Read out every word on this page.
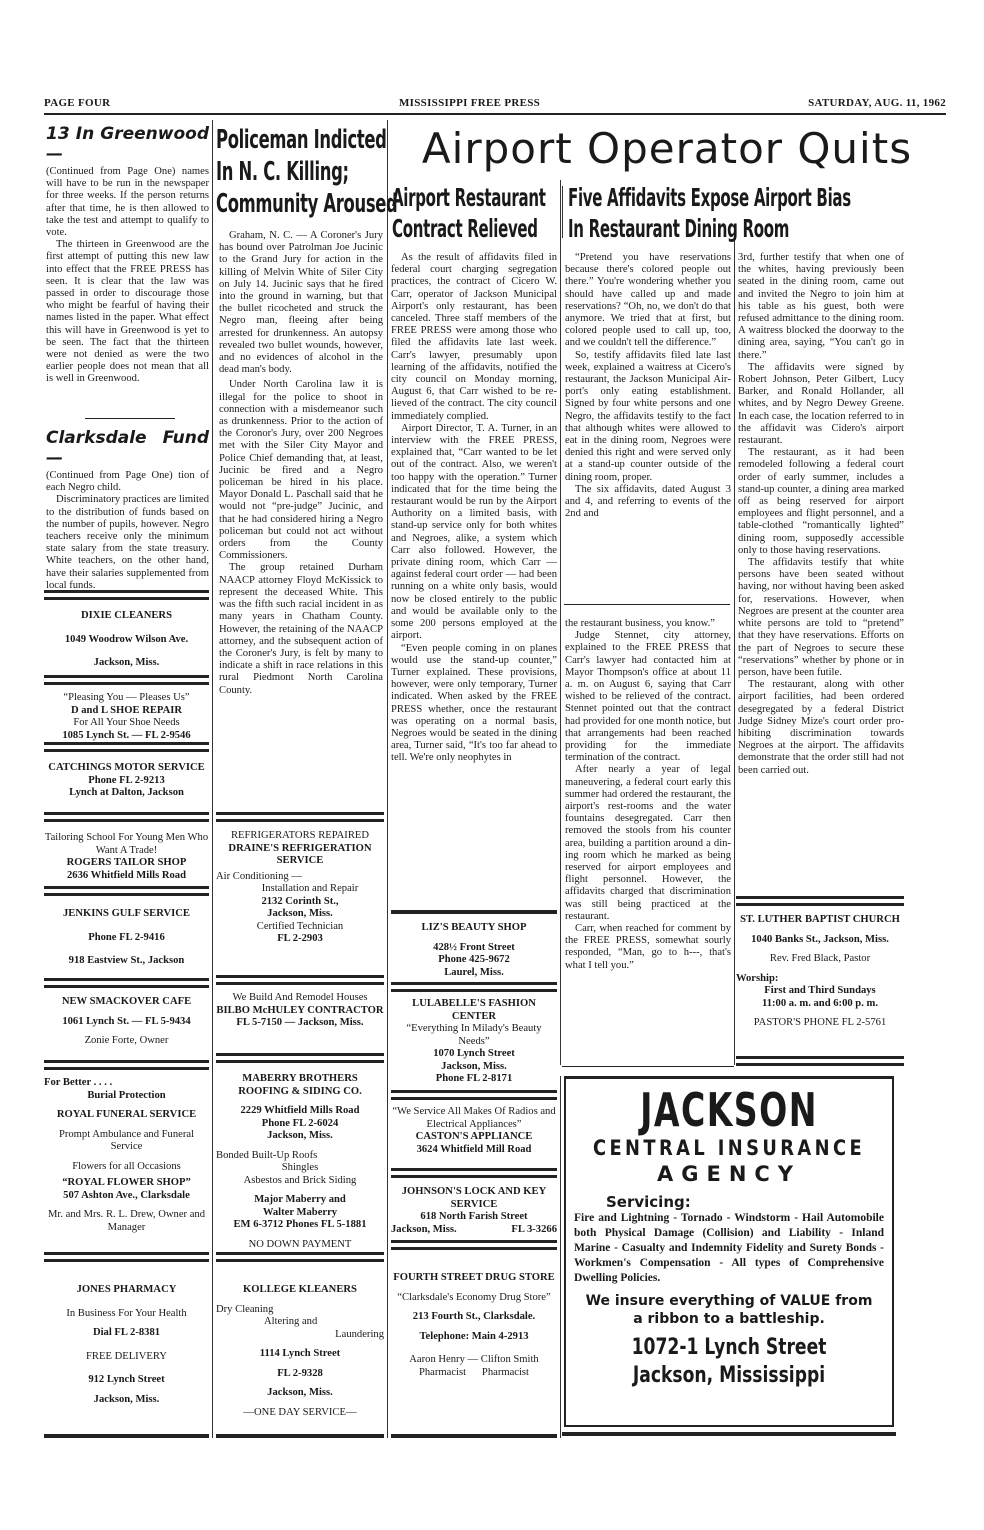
PAGE FOUR	MISSISSIPPI FREE PRESS	SATURDAY, AUG. 11, 1962
13 In Greenwood—

(Continued from Page One) names will have to be run in the newspaper for three weeks. If the person returns after that time, he is then allowed to take the test and attempt to qualify to vote.

The thirteen in Greenwood are the first attempt of putting this new law into effect that the FREE PRESS has seen. It is clear that the law was passed in order to discourage those who might be fearful of having their names listed in the paper. What effect this will have in Greenwood is yet to be seen. The fact that the thirteen were not denied as were the two earlier people does not mean that all is well in Greenwood.

Clarksdale Fund—

(Continued from Page One) tion of each Negro child.

Discriminatory practices are limited to the distribution of funds based on the number of pupils, however. Negro teachers receive only the minimum state salary from the state treasury. White teachers, on the other hand, have their salaries supplemented from local funds.

DIXIE CLEANERS
1049 Woodrow Wilson Ave.
Jackson, Miss.
“Pleasing You — Pleases Us”
D and L SHOE REPAIR
For All Your Shoe Needs
1085 Lynch St. — FL 2-9546
CATCHINGS MOTOR SERVICE
Phone FL 2-9213
Lynch at Dalton, Jackson
Tailoring School For Young Men Who Want A Trade!
ROGERS TAILOR SHOP
2636 Whitfield Mills Road
JENKINS GULF SERVICE
Phone FL 2-9416
918 Eastview St., Jackson
NEW SMACKOVER CAFE
1061 Lynch St. — FL 5-9434
Zonie Forte, Owner
For Better . . . .
Burial Protection
ROYAL FUNERAL SERVICE
Prompt Ambulance and Funeral Service
Flowers for all Occasions
“ROYAL FLOWER SHOP”
507 Ashton Ave., Clarksdale
Mr. and Mrs. R. L. Drew, Owner and Manager
JONES PHARMACY
In Business For Your Health
Dial FL 2-8381
FREE DELIVERY
912 Lynch Street
Jackson, Miss.
Policeman Indicted
In N. C. Killing;
Community Aroused

Graham, N. C. — A Coroner's Jury has bound over Patrolman Joe Jucinic to the Grand Jury for action in the killing of Melvin White of Siler City on July 14. Jucinic says that he fired into the ground in warning, but that the bullet ricocheted and struck the Negro man, fleeing after being arrested for drunkenness. An autopsy revealed two bullet wounds, however, and no evidences of alcohol in the dead man's body.

Under North Carolina law it is illegal for the police to shoot in connection with a misdemeanor such as drunkenness. Prior to the action of the Coronor's Jury, over 200 Negroes met with the Siler City Mayor and Police Chief demanding that, at least, Jucinic be fired and a Negro policeman be hired in his place. Mayor Donald L. Paschall said that he would not “pre-judge” Jucinic, and that he had considered hiring a Negro policeman but could not act without orders from the County Commissioners.

The group retained Durham NAACP attorney Floyd McKissick to represent the deceased White. This was the fifth such racial incident in as many years in Chatham County. However, the retaining of the NAACP attorney, and the subsequent action of the Coroner's Jury, is felt by many to indicate a shift in race relations in this rural Piedmont North Carolina County.

REFRIGERATORS REPAIRED
DRAINE'S REFRIGERATION SERVICE
Air Conditioning —
Installation and Repair
2132 Corinth St.,
Jackson, Miss.
Certified Technician
FL 2-2903
We Build And Remodel Houses
BILBO McHULEY CONTRACTOR
FL 5-7150 — Jackson, Miss.
MABERRY BROTHERS ROOFING & SIDING CO.
2229 Whitfield Mills Road
Phone FL 2-6024
Jackson, Miss.
Bonded Built-Up Roofs
Shingles
Asbestos and Brick Siding
Major Maberry and
Walter Maberry
EM 6-3712 Phones FL 5-1881
NO DOWN PAYMENT
KOLLEGE KLEANERS
Dry Cleaning
Altering and
Laundering
1114 Lynch Street
FL 2-9328
Jackson, Miss.
—ONE DAY SERVICE—
Airport Operator Quits
Airport Restaurant
Contract Relieved
Five Affidavits Expose Airport Bias
In Restaurant Dining Room

As the result of affidavits filed in federal court charging segregation practices, the contract of Cicero W. Carr, operator of Jackson Municipal Airport's only restaurant, has been canceled. Three staff members of the FREE PRESS were among those who filed the affidavits late last week. Carr's lawyer, presumably upon learning of the affidavits, notified the city council on Monday morning, August 6, that Carr wished to be relieved of the contract. The city council immediately complied.

Airport Director, T. A. Turner, in an interview with the FREE PRESS, explained that, “Carr wanted to be let out of the contract. Also, we weren't too happy with the operation.” Turner indicated that for the time being the restaurant would be run by the Airport Authority on a limited basis, with stand-up service only for both whites and Negroes, alike, a system which Carr also followed. However, the private dining room, which Carr — against federal court order — had been running on a white only basis, would now be closed entirely to the public and would be available only to the some 200 persons employed at the airport.

“Even people coming in on planes would use the stand-up counter,” Turner explained. These provisions, however, were only temporary, Turner indicated. When asked by the FREE PRESS whether, once the restaurant was operating on a normal basis, Negroes would be seated in the dining area, Turner said, “It's too far ahead to tell. We're only neophytes in

“Pretend you have reservations because there's colored people out there.” You're wondering whether you should have called up and made reservations? “Oh, no, we don't do that anymore. We tried that at first, but colored people used to call up, too, and we couldn't tell the difference.”

So, testify affidavits filed late last week, explained a waitress at Cicero's restaurant, the Jackson Municipal Airport's only eating establishment. Signed by four white persons and one Negro, the affidavits testify to the fact that although whites were allowed to eat in the dining room, Negroes were denied this right and were served only at a stand-up counter outside of the dining room, proper.

The six affidavits, dated August 3 and 4, and referring to events of the 2nd and

the restaurant business, you know.”

Judge Stennet, city attorney, explained to the FREE PRESS that Carr's lawyer had contacted him at Mayor Thompson's office at about 11 a. m. on August 6, saying that Carr wished to be relieved of the contract. Stennet pointed out that the contract had provided for one month notice, but that arrangements had been reached providing for the immediate termination of the contract.

After nearly a year of legal maneuvering, a federal court early this summer had ordered the restaurant, the airport's rest-rooms and the water fountains desegregated. Carr then removed the stools from his counter area, building a partition around a dining room which he marked as being reserved for airport employees and flight personnel. However, the affidavits charged that discrimination was still being practiced at the restaurant.

Carr, when reached for comment by the FREE PRESS, somewhat sourly responded, “Man, go to h---, that's what I tell you.”

3rd, further testify that when one of the whites, having previously been seated in the dining room, came out and invited the Negro to join him at his table as his guest, both were refused admittance to the dining room. A waitress blocked the doorway to the dining area, saying, “You can't go in there.”

The affidavits were signed by Robert Johnson, Peter Gilbert, Lucy Barker, and Ronald Hollander, all whites, and by Negro Dewey Greene. In each case, the location referred to in the affidavit was Cidero's airport restaurant.

The restaurant, as it had been remodeled following a federal court order of early summer, includes a stand-up counter, a dining area marked off as being reserved for airport employees and flight personnel, and a table-clothed “romantically lighted” dining room, supposedly accessible only to those having reservations.

The affidavits testify that white persons have been seated without having, nor without having been asked for, reservations. However, when Negroes are present at the counter area white persons are told to “pretend” that they have reservations. Efforts on the part of Negroes to secure these “reservations” whether by phone or in person, have been futile.

The restaurant, along with other airport facilities, had been ordered desegregated by a federal District Judge Sidney Mize's court order prohibiting discrimination towards Negroes at the airport. The affidavits demonstrate that the order still had not been carried out.

LIZ'S BEAUTY SHOP
428½ Front Street
Phone 425-9672
Laurel, Miss.
LULABELLE'S FASHION CENTER
“Everything In Milady's Beauty Needs”
1070 Lynch Street
Jackson, Miss.
Phone FL 2-8171
“We Service All Makes Of Radios and Electrical Appliances”
CASTON'S APPLIANCE
3624 Whitfield Mill Road
JOHNSON'S LOCK AND KEY SERVICE
618 North Farish Street
Jackson, Miss.	FL 3-3266
FOURTH STREET DRUG STORE
“Clarksdale's Economy Drug Store”
213 Fourth St., Clarksdale.
Telephone: Main 4-2913
Aaron Henry — Clifton Smith
Pharmacist      Pharmacist
ST. LUTHER BAPTIST CHURCH
1040 Banks St., Jackson, Miss.
Rev. Fred Black, Pastor
Worship:
First and Third Sundays
11:00 a. m. and 6:00 p. m.
PASTOR'S PHONE FL 2-5761
JACKSON
CENTRAL INSURANCE
AGENCY
Servicing:
Fire and Lightning - Tornado - Windstorm - Hail Automobile both Physical Damage (Collision) and Liability - Inland Marine - Casualty and Indemnity Fidelity and Surety Bonds - Workmen's Compensation - All types of Comprehensive Dwelling Policies.
We insure everything of VALUE from a ribbon to a battleship.
1072-1 Lynch Street
Jackson, Mississippi
